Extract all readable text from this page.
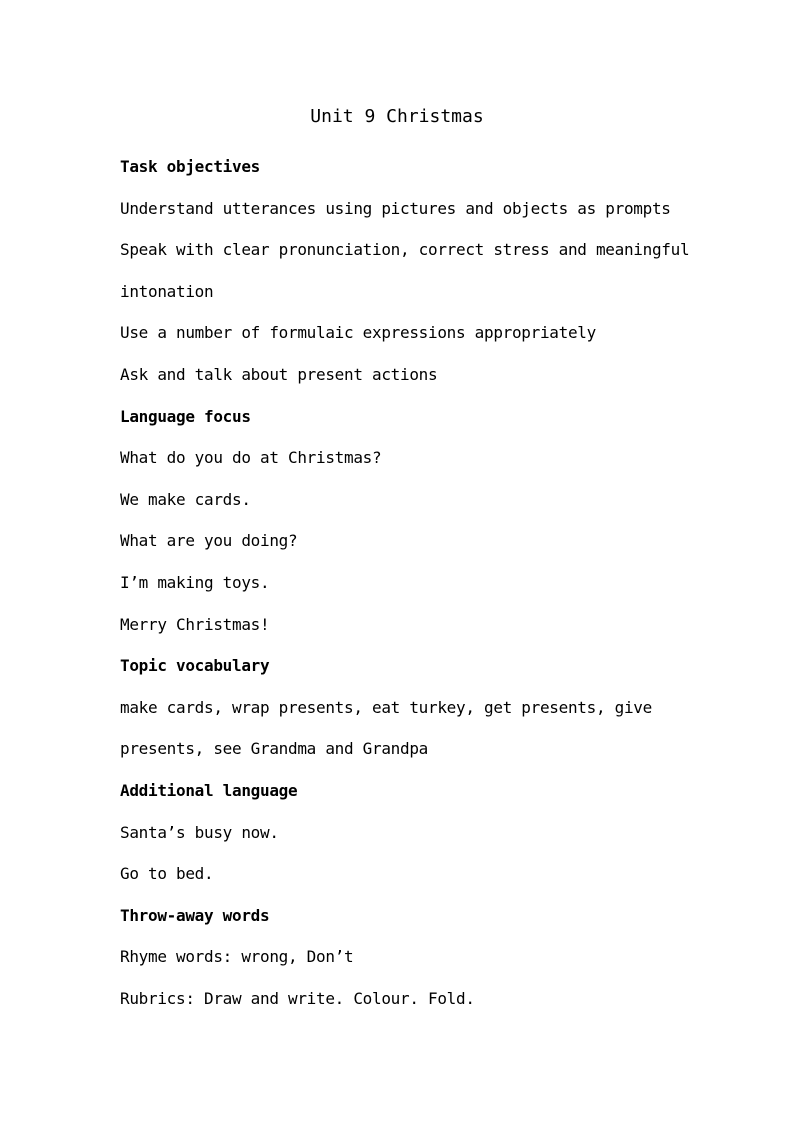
Unit 9 Christmas
Task objectives
Understand utterances using pictures and objects as prompts
Speak with clear pronunciation, correct stress and meaningful
intonation
Use a number of formulaic expressions appropriately
Ask and talk about present actions
Language focus
What do you do at Christmas?
We make cards.
What are you doing?
I’m making toys.
Merry Christmas!
Topic vocabulary
make cards, wrap presents, eat turkey, get presents, give
presents, see Grandma and Grandpa
Additional language
Santa’s busy now.
Go to bed.
Throw-away words
Rhyme words: wrong, Don’t
Rubrics: Draw and write. Colour. Fold.
